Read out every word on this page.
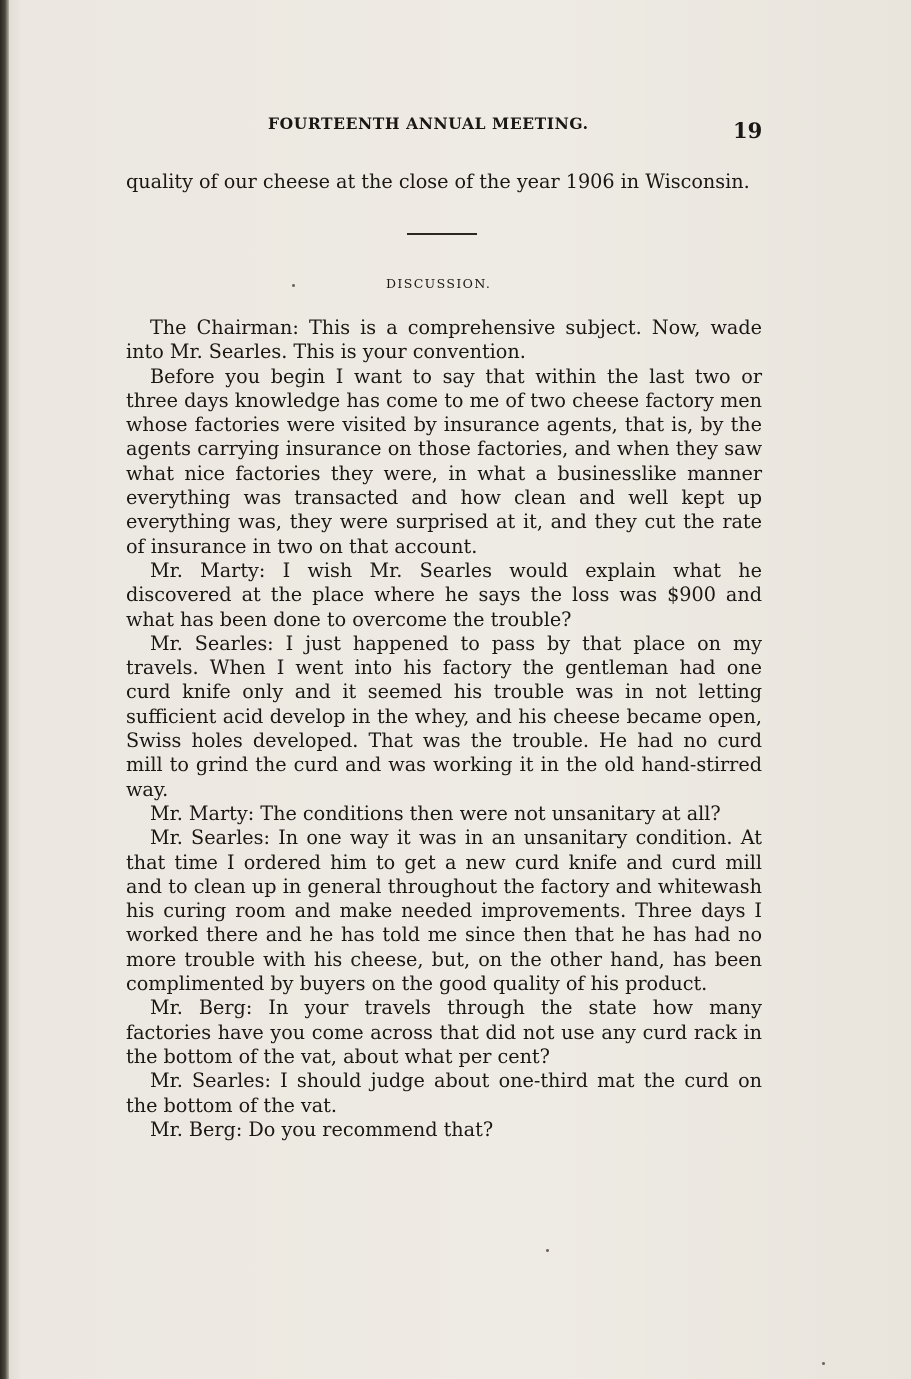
FOURTEENTH ANNUAL MEETING.	19
quality of our cheese at the close of the year 1906 in Wisconsin.
DISCUSSION.

The Chairman: This is a comprehensive subject. Now, wade into Mr. Searles. This is your convention.

Before you begin I want to say that within the last two or three days knowledge has come to me of two cheese factory men whose factories were visited by insurance agents, that is, by the agents carrying insurance on those factories, and when they saw what nice factories they were, in what a businesslike manner everything was transacted and how clean and well kept up everything was, they were surprised at it, and they cut the rate of insurance in two on that account.

Mr. Marty: I wish Mr. Searles would explain what he discovered at the place where he says the loss was $900 and what has been done to overcome the trouble?

Mr. Searles: I just happened to pass by that place on my travels. When I went into his factory the gentleman had one curd knife only and it seemed his trouble was in not letting sufficient acid develop in the whey, and his cheese became open, Swiss holes developed. That was the trouble. He had no curd mill to grind the curd and was working it in the old hand-stirred way.

Mr. Marty: The conditions then were not unsanitary at all?

Mr. Searles: In one way it was in an unsanitary condition. At that time I ordered him to get a new curd knife and curd mill and to clean up in general throughout the factory and whitewash his curing room and make needed improvements. Three days I worked there and he has told me since then that he has had no more trouble with his cheese, but, on the other hand, has been complimented by buyers on the good quality of his product.

Mr. Berg: In your travels through the state how many factories have you come across that did not use any curd rack in the bottom of the vat, about what per cent?

Mr. Searles: I should judge about one-third mat the curd on the bottom of the vat.

Mr. Berg: Do you recommend that?
